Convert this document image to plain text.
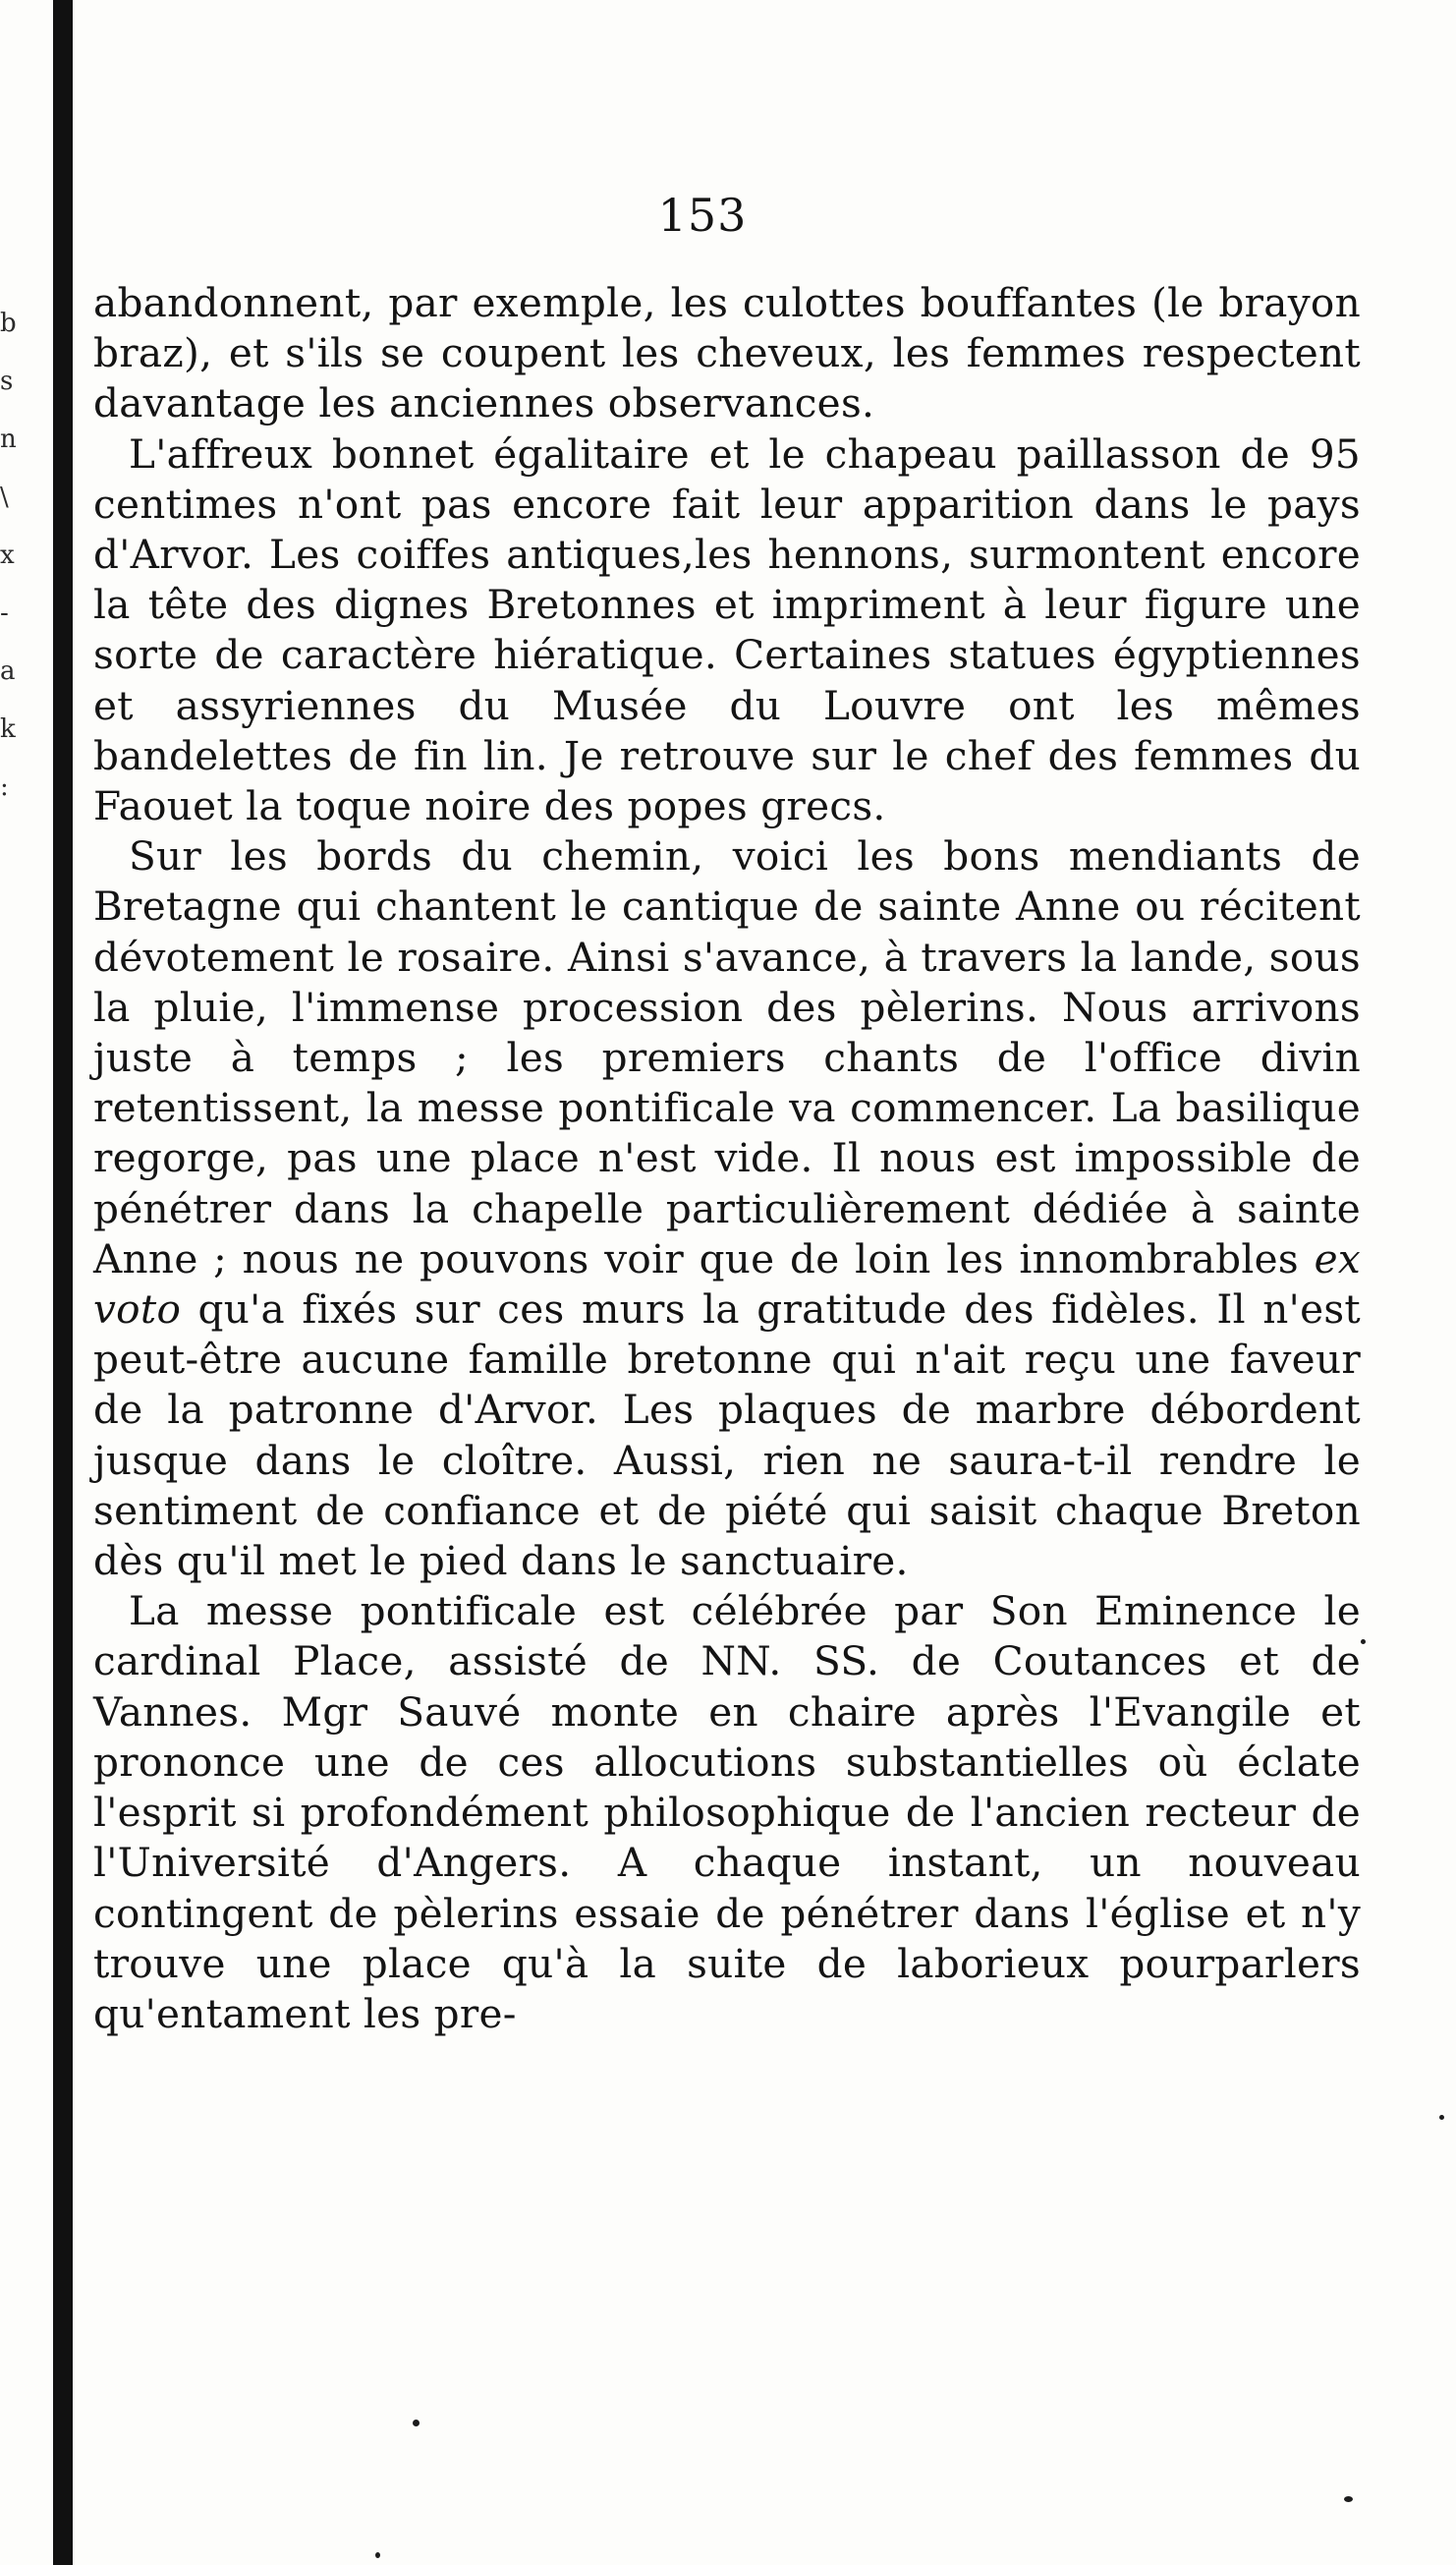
b
s
n
\
x
-
a
k
:
153

abandonnent, par exemple, les culottes bouffantes (le brayon braz), et s'ils se coupent les cheveux, les femmes respectent davantage les anciennes observances.

L'affreux bonnet égalitaire et le chapeau paillasson de 95 centimes n'ont pas encore fait leur apparition dans le pays d'Arvor. Les coiffes antiques,les hennons, surmontent encore la tête des dignes Bretonnes et impriment à leur figure une sorte de caractère hiératique. Certaines statues égyptiennes et assyriennes du Musée du Louvre ont les mêmes bandelettes de fin lin. Je retrouve sur le chef des femmes du Faouet la toque noire des popes grecs.

Sur les bords du chemin, voici les bons mendiants de Bretagne qui chantent le cantique de sainte Anne ou récitent dévotement le rosaire. Ainsi s'avance, à travers la lande, sous la pluie, l'immense procession des pèlerins. Nous arrivons juste à temps ; les premiers chants de l'office divin retentissent, la messe pontificale va commencer. La basilique regorge, pas une place n'est vide. Il nous est impossible de pénétrer dans la chapelle particulièrement dédiée à sainte Anne ; nous ne pouvons voir que de loin les innombrables ex voto qu'a fixés sur ces murs la gratitude des fidèles. Il n'est peut-être aucune famille bretonne qui n'ait reçu une faveur de la patronne d'Arvor. Les plaques de marbre débordent jusque dans le cloître. Aussi, rien ne saura-t-il rendre le sentiment de confiance et de piété qui saisit chaque Breton dès qu'il met le pied dans le sanctuaire.

La messe pontificale est célébrée par Son Eminence le cardinal Place, assisté de NN. SS. de Coutances et de Vannes. Mgr Sauvé monte en chaire après l'Evangile et prononce une de ces allocutions substantielles où éclate l'esprit si profondément philosophique de l'ancien recteur de l'Université d'Angers. A chaque instant, un nouveau contingent de pèlerins essaie de pénétrer dans l'église et n'y trouve une place qu'à la suite de laborieux pourparlers qu'entament les pre-
